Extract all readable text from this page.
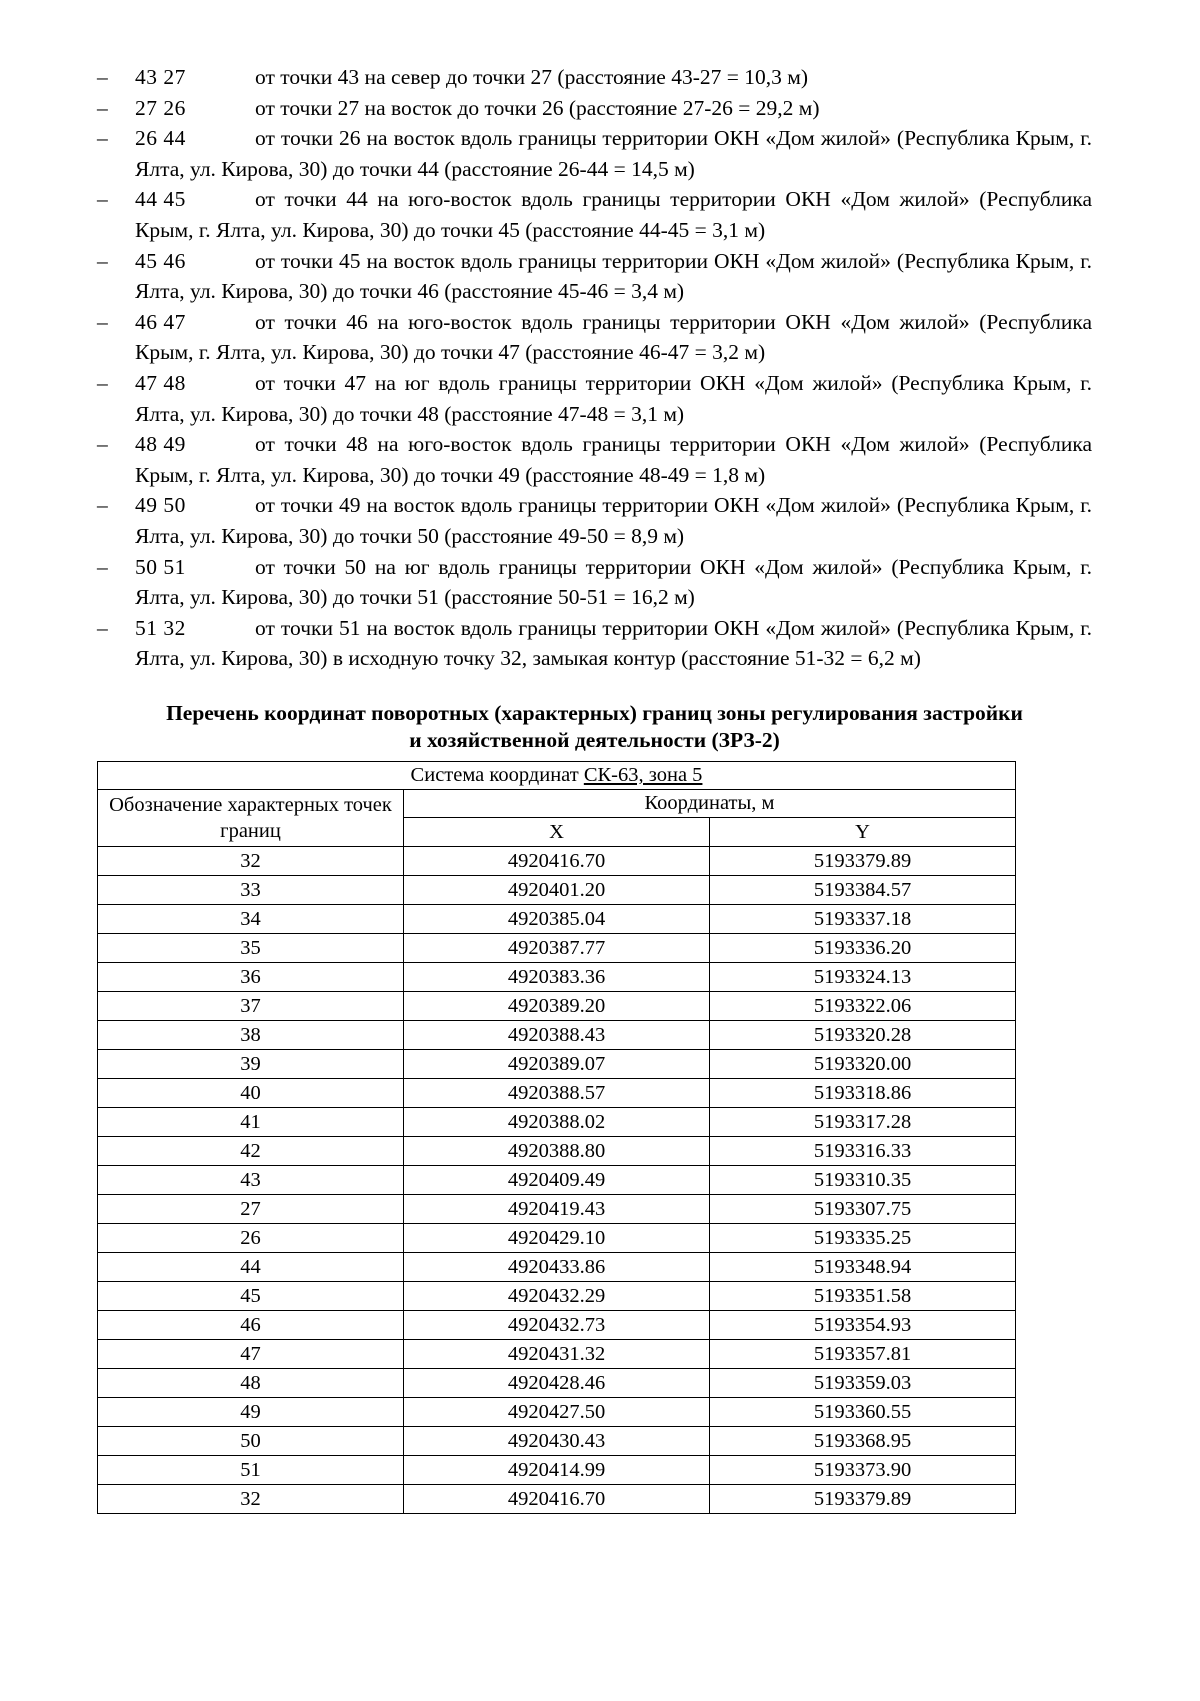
–	43 27	от точки 43 на север до точки 27 (расстояние 43-27 = 10,3 м)
–	27 26	от точки 27 на восток до точки 26 (расстояние 27-26 = 29,2 м)
–	26 44	от точки 26 на восток вдоль границы территории ОКН «Дом жилой» (Республика Крым, г. Ялта, ул. Кирова, 30) до точки 44 (расстояние 26-44 = 14,5 м)
–	44 45	от точки 44 на юго-восток вдоль границы территории ОКН «Дом жилой» (Республика Крым, г. Ялта, ул. Кирова, 30) до точки 45 (расстояние 44-45 = 3,1 м)
–	45 46	от точки 45 на восток вдоль границы территории ОКН «Дом жилой» (Республика Крым, г. Ялта, ул. Кирова, 30) до точки 46 (расстояние 45-46 = 3,4 м)
–	46 47	от точки 46 на юго-восток вдоль границы территории ОКН «Дом жилой» (Республика Крым, г. Ялта, ул. Кирова, 30) до точки 47 (расстояние 46-47 = 3,2 м)
–	47 48	от точки 47 на юг вдоль границы территории ОКН «Дом жилой» (Республика Крым, г. Ялта, ул. Кирова, 30) до точки 48 (расстояние 47-48 = 3,1 м)
–	48 49	от точки 48 на юго-восток вдоль границы территории ОКН «Дом жилой» (Республика Крым, г. Ялта, ул. Кирова, 30) до точки 49 (расстояние 48-49 = 1,8 м)
–	49 50	от точки 49 на восток вдоль границы территории ОКН «Дом жилой» (Республика Крым, г. Ялта, ул. Кирова, 30) до точки 50 (расстояние 49-50 = 8,9 м)
–	50 51	от точки 50 на юг вдоль границы территории ОКН «Дом жилой» (Республика Крым, г. Ялта, ул. Кирова, 30) до точки 51 (расстояние 50-51 = 16,2 м)
–	51 32	от точки 51 на восток вдоль границы территории ОКН «Дом жилой» (Республика Крым, г. Ялта, ул. Кирова, 30) в исходную точку 32, замыкая контур (расстояние 51-32 = 6,2 м)
Перечень координат поворотных (характерных) границ зоны регулирования застройки
и хозяйственной деятельности (ЗРЗ-2)
Система координат СК-63, зона 5		
Обозначение характерных точек границ	Координаты, м	
	X	Y
32	4920416.70	5193379.89
33	4920401.20	5193384.57
34	4920385.04	5193337.18
35	4920387.77	5193336.20
36	4920383.36	5193324.13
37	4920389.20	5193322.06
38	4920388.43	5193320.28
39	4920389.07	5193320.00
40	4920388.57	5193318.86
41	4920388.02	5193317.28
42	4920388.80	5193316.33
43	4920409.49	5193310.35
27	4920419.43	5193307.75
26	4920429.10	5193335.25
44	4920433.86	5193348.94
45	4920432.29	5193351.58
46	4920432.73	5193354.93
47	4920431.32	5193357.81
48	4920428.46	5193359.03
49	4920427.50	5193360.55
50	4920430.43	5193368.95
51	4920414.99	5193373.90
32	4920416.70	5193379.89
